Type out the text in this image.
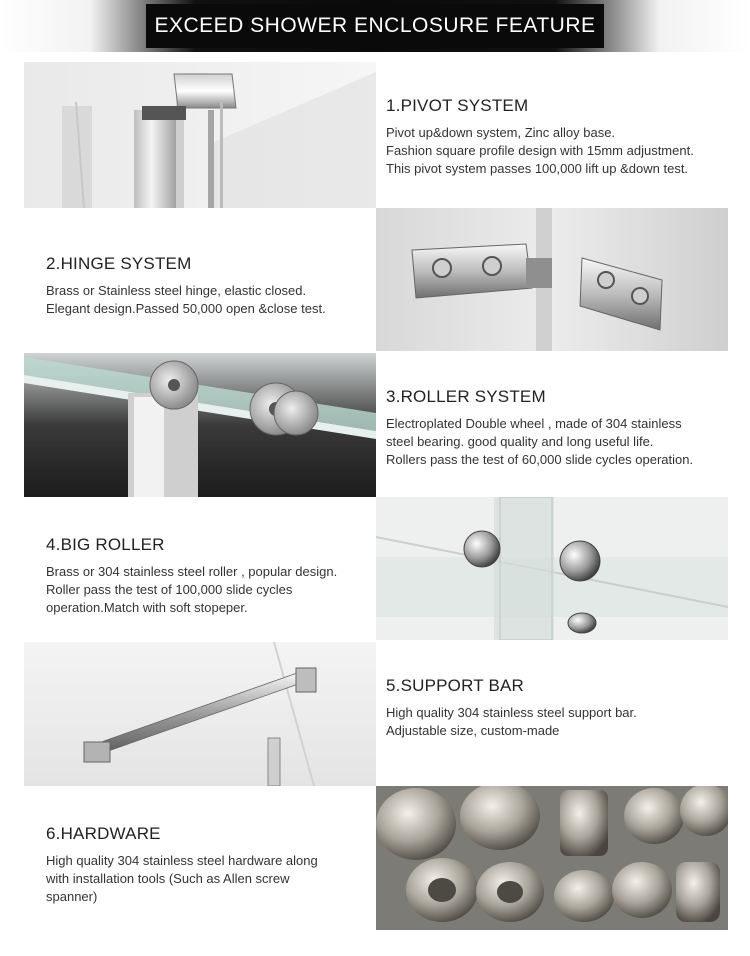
EXCEED SHOWER ENCLOSURE FEATURE
1.PIVOT SYSTEM

Pivot up&down system, Zinc alloy base.

Fashion square profile design with 15mm adjustment.

This pivot system passes 100,000 lift up &down test.

2.HINGE SYSTEM

Brass or Stainless steel hinge, elastic closed.

Elegant design.Passed 50,000 open &close test.

3.ROLLER SYSTEM

Electroplated Double wheel , made of 304 stainless

steel bearing. good quality and long useful life.

Rollers pass the test of 60,000 slide cycles operation.

4.BIG ROLLER

Brass or 304 stainless steel roller , popular design.

Roller pass the test of 100,000 slide cycles

operation.Match with soft stopeper.

5.SUPPORT BAR

High quality 304 stainless steel support bar.

Adjustable size, custom-made

6.HARDWARE

High quality 304 stainless steel hardware along

with installation tools (Such as Allen screw

spanner)
